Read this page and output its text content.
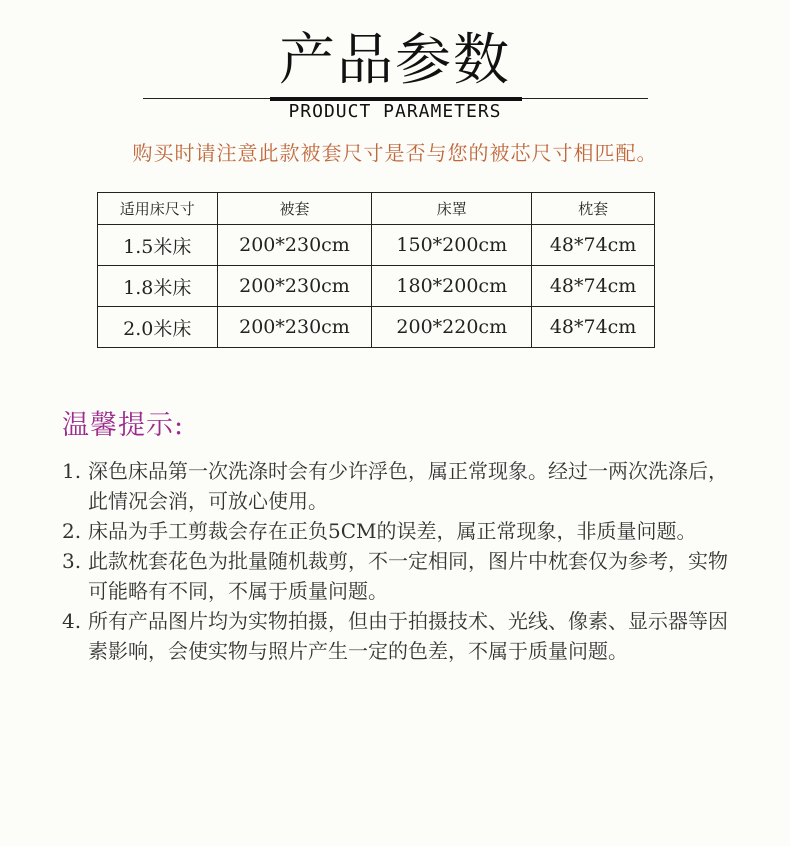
产品参数
PRODUCT PARAMETERS
购买时请注意此款被套尺寸是否与您的被芯尺寸相匹配。
适用床尺寸	被套	床罩	枕套
1.5米床	200*230cm	150*200cm	48*74cm
1.8米床	200*230cm	180*200cm	48*74cm
2.0米床	200*230cm	200*220cm	48*74cm
温馨提示:
1. 深色床品第一次洗涤时会有少许浮色，属正常现象。经过一两次洗涤后，此情况会消，可放心使用。
2. 床品为手工剪裁会存在正负5CM的误差，属正常现象，非质量问题。
3. 此款枕套花色为批量随机裁剪，不一定相同，图片中枕套仅为参考，实物可能略有不同，不属于质量问题。
4. 所有产品图片均为实物拍摄，但由于拍摄技术、光线、像素、显示器等因素影响，会使实物与照片产生一定的色差，不属于质量问题。
